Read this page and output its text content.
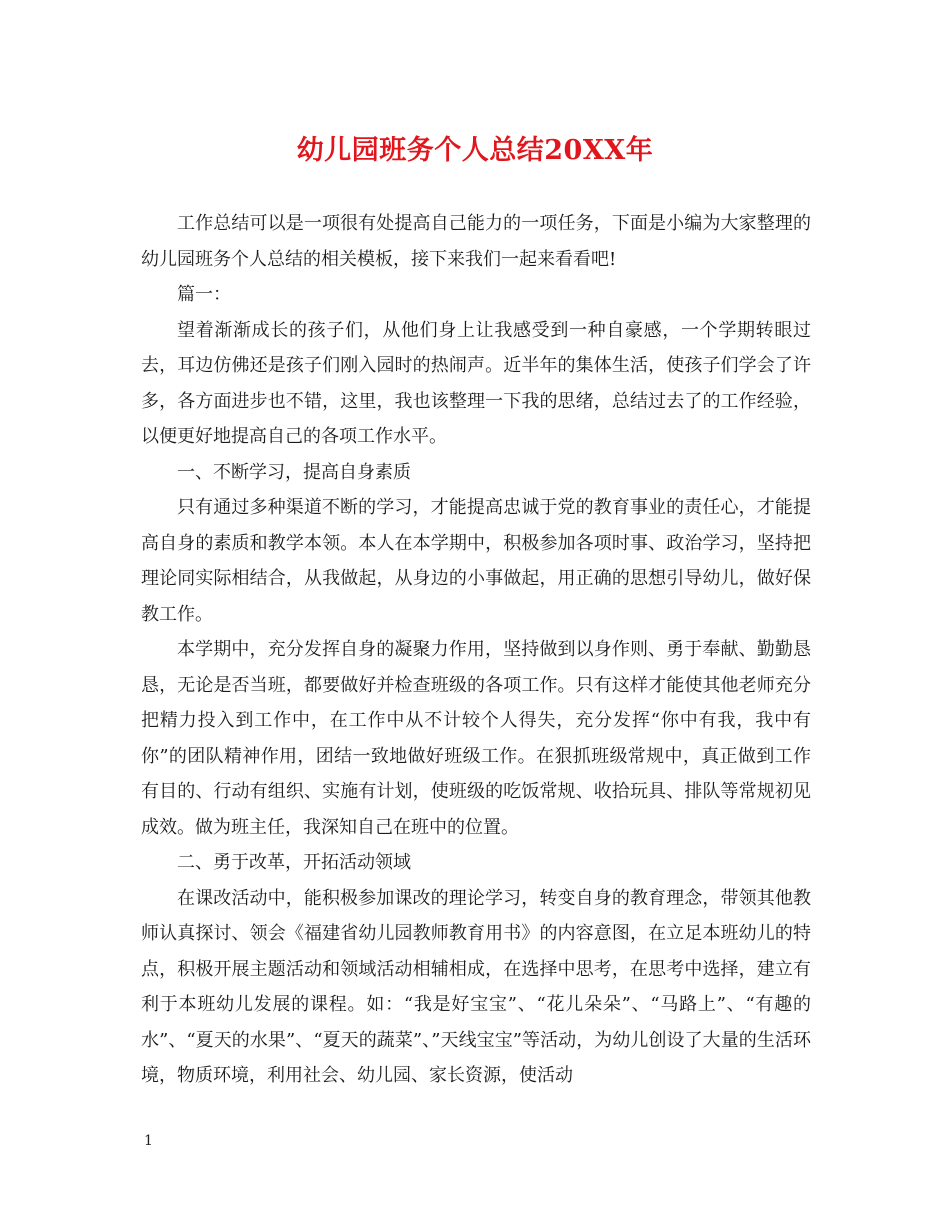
幼儿园班务个人总结20XX年

工作总结可以是一项很有处提高自己能力的一项任务，下面是小编为大家整理的幼儿园班务个人总结的相关模板，接下来我们一起来看看吧!

篇一：

望着渐渐成长的孩子们，从他们身上让我感受到一种自豪感，一个学期转眼过去，耳边仿佛还是孩子们刚入园时的热闹声。近半年的集体生活，使孩子们学会了许多，各方面进步也不错，这里，我也该整理一下我的思绪，总结过去了的工作经验，以便更好地提高自己的各项工作水平。

一、不断学习，提高自身素质

只有通过多种渠道不断的学习，才能提高忠诚于党的教育事业的责任心，才能提高自身的素质和教学本领。本人在本学期中，积极参加各项时事、政治学习，坚持把理论同实际相结合，从我做起，从身边的小事做起，用正确的思想引导幼儿，做好保教工作。

本学期中，充分发挥自身的凝聚力作用，坚持做到以身作则、勇于奉献、勤勤恳恳，无论是否当班，都要做好并检查班级的各项工作。只有这样才能使其他老师充分把精力投入到工作中，在工作中从不计较个人得失，充分发挥“你中有我，我中有你”的团队精神作用，团结一致地做好班级工作。在狠抓班级常规中，真正做到工作有目的、行动有组织、实施有计划，使班级的吃饭常规、收拾玩具、排队等常规初见成效。做为班主任，我深知自己在班中的位置。

二、勇于改革，开拓活动领域

在课改活动中，能积极参加课改的理论学习，转变自身的教育理念，带领其他教师认真探讨、领会《福建省幼儿园教师教育用书》的内容意图，在立足本班幼儿的特点，积极开展主题活动和领域活动相辅相成，在选择中思考，在思考中选择，建立有利于本班幼儿发展的课程。如：“我是好宝宝”、“花儿朵朵”、“马路上”、“有趣的水”、“夏天的水果”、“夏天的蔬菜”、”天线宝宝”等活动，为幼儿创设了大量的生活环境，物质环境，利用社会、幼儿园、家长资源，使活动

1
